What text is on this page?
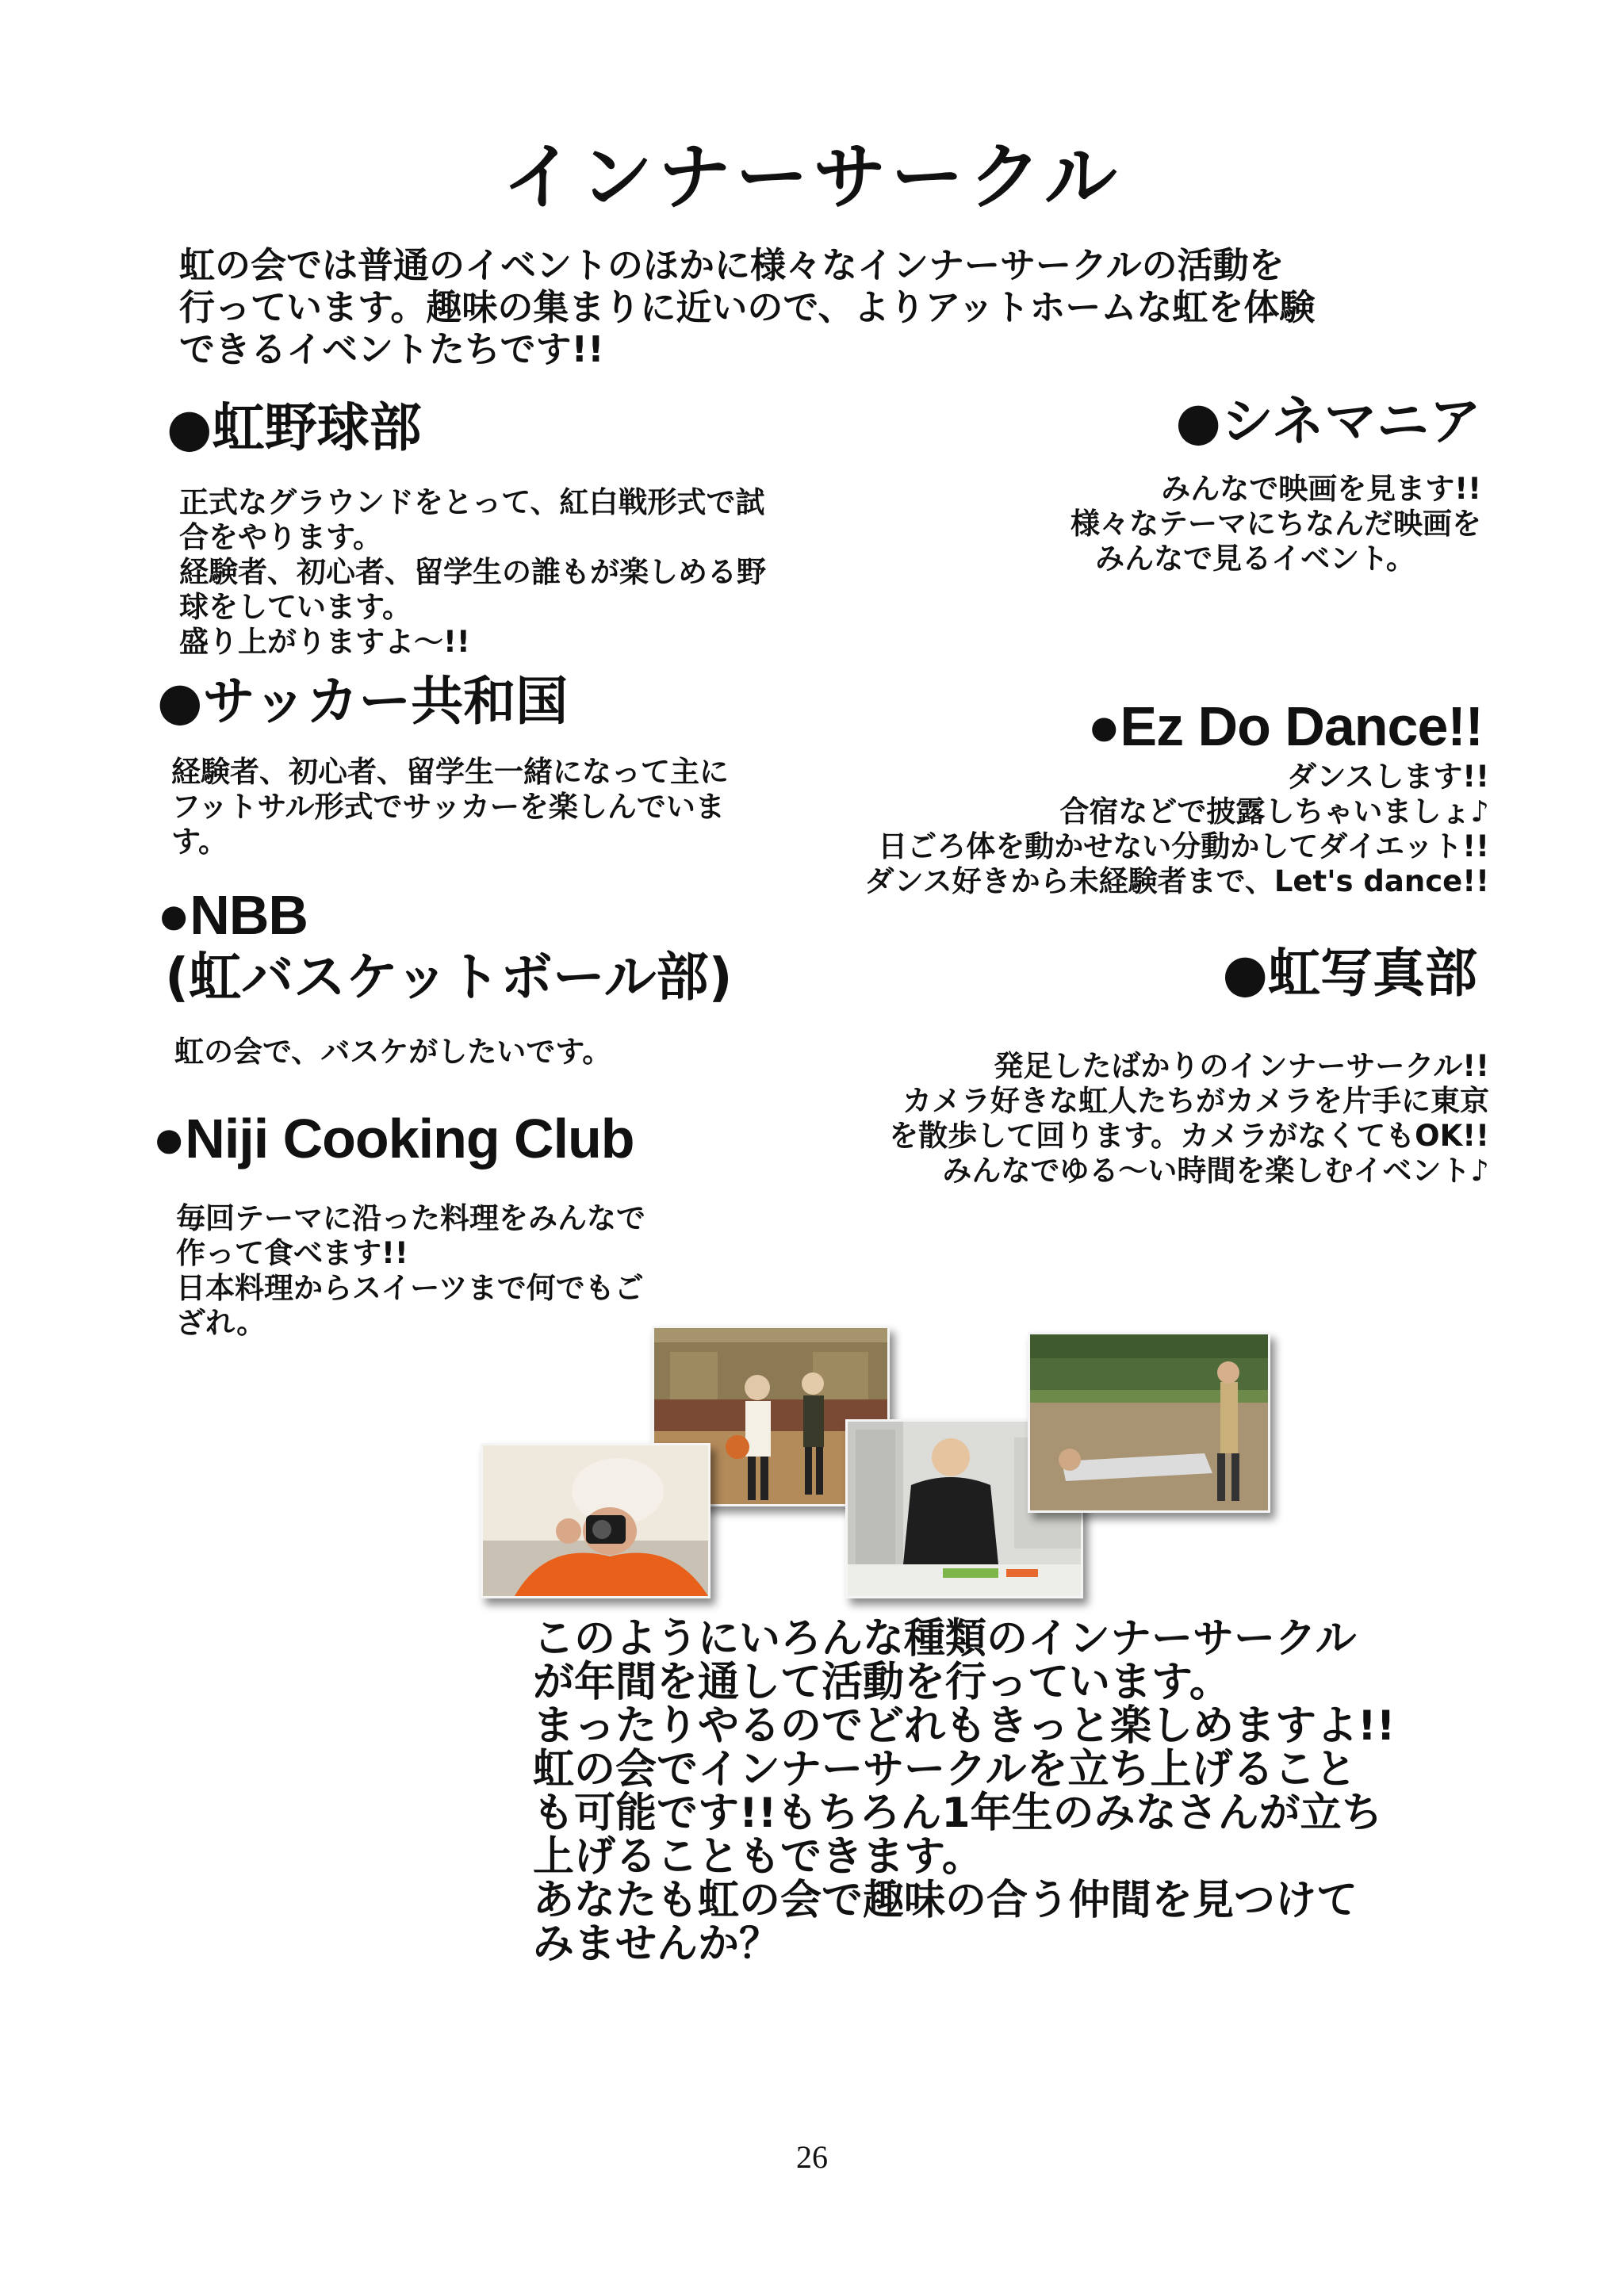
インナーサークル
虹の会では普通のイベントのほかに様々なインナーサークルの活動を
行っています。趣味の集まりに近いので、よりアットホームな虹を体験
できるイベントたちです!!
●虹野球部
正式なグラウンドをとって、紅白戦形式で試
合をやります。
経験者、初心者、留学生の誰もが楽しめる野
球をしています。
盛り上がりますよ～!!
●サッカー共和国
経験者、初心者、留学生一緒になって主に
フットサル形式でサッカーを楽しんでいま
す。
●NBB
(虹バスケットボール部)
虹の会で、バスケがしたいです。
●Niji Cooking Club
毎回テーマに沿った料理をみんなで
作って食べます!!
日本料理からスイーツまで何でもご
ざれ。
●シネマニア
みんなで映画を見ます!!
様々なテーマにちなんだ映画を
みんなで見るイベント。
●Ez Do Dance!!
ダンスします!!
合宿などで披露しちゃいましょ♪
日ごろ体を動かせない分動かしてダイエット!!
ダンス好きから未経験者まで、Let's dance!!
●虹写真部
発足したばかりのインナーサークル!!
カメラ好きな虹人たちがカメラを片手に東京
を散歩して回ります。カメラがなくてもOK!!
みんなでゆる～い時間を楽しむイベント♪
このようにいろんな種類のインナーサークル
が年間を通して活動を行っています。
まったりやるのでどれもきっと楽しめますよ!!
虹の会でインナーサークルを立ち上げること
も可能です!!もちろん1年生のみなさんが立ち
上げることもできます。
あなたも虹の会で趣味の合う仲間を見つけて
みませんか？
26
